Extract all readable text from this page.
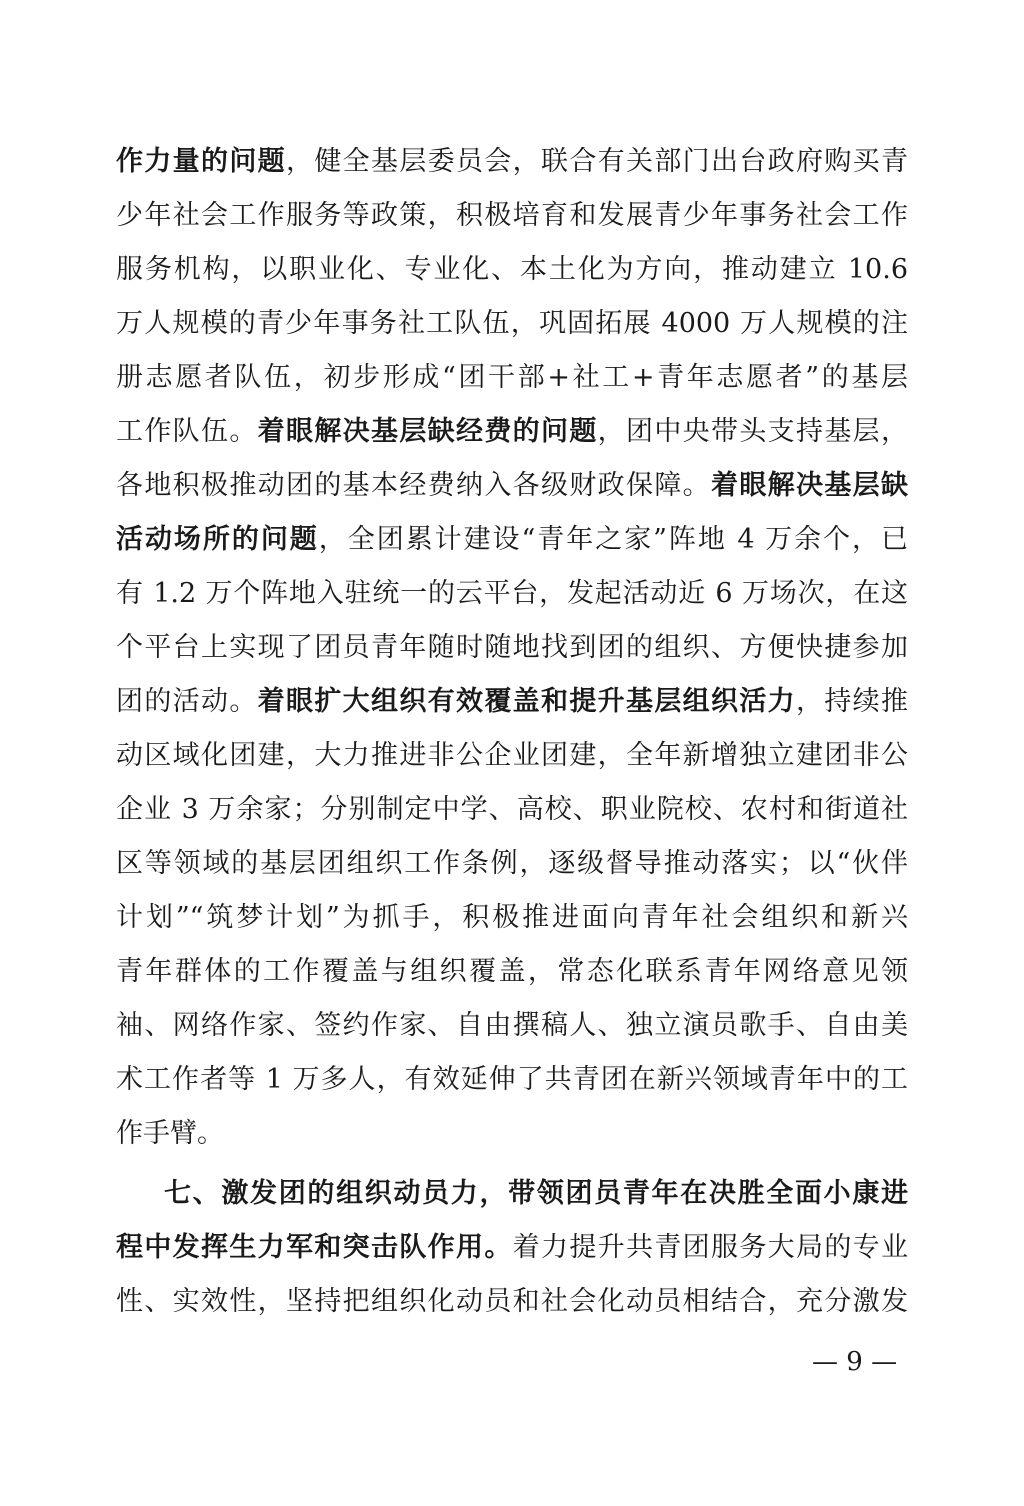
作力量的问题，健全基层委员会，联合有关部门出台政府购买青
少年社会工作服务等政策，积极培育和发展青少年事务社会工作
服务机构，以职业化、专业化、本土化为方向，推动建立 10.6
万人规模的青少年事务社工队伍，巩固拓展 4000 万人规模的注
册志愿者队伍，初步形成“团干部+社工+青年志愿者”的基层
工作队伍。着眼解决基层缺经费的问题，团中央带头支持基层，
各地积极推动团的基本经费纳入各级财政保障。着眼解决基层缺
活动场所的问题，全团累计建设“青年之家”阵地 4 万余个，已
有 1.2 万个阵地入驻统一的云平台，发起活动近 6 万场次，在这
个平台上实现了团员青年随时随地找到团的组织、方便快捷参加
团的活动。着眼扩大组织有效覆盖和提升基层组织活力，持续推
动区域化团建，大力推进非公企业团建，全年新增独立建团非公
企业 3 万余家；分别制定中学、高校、职业院校、农村和街道社
区等领域的基层团组织工作条例，逐级督导推动落实；以“伙伴
计划”“筑梦计划”为抓手，积极推进面向青年社会组织和新兴
青年群体的工作覆盖与组织覆盖，常态化联系青年网络意见领
袖、网络作家、签约作家、自由撰稿人、独立演员歌手、自由美
术工作者等 1 万多人，有效延伸了共青团在新兴领域青年中的工
作手臂。
七、激发团的组织动员力，带领团员青年在决胜全面小康进
程中发挥生力军和突击队作用。着力提升共青团服务大局的专业
性、实效性，坚持把组织化动员和社会化动员相结合，充分激发
— 9 —
